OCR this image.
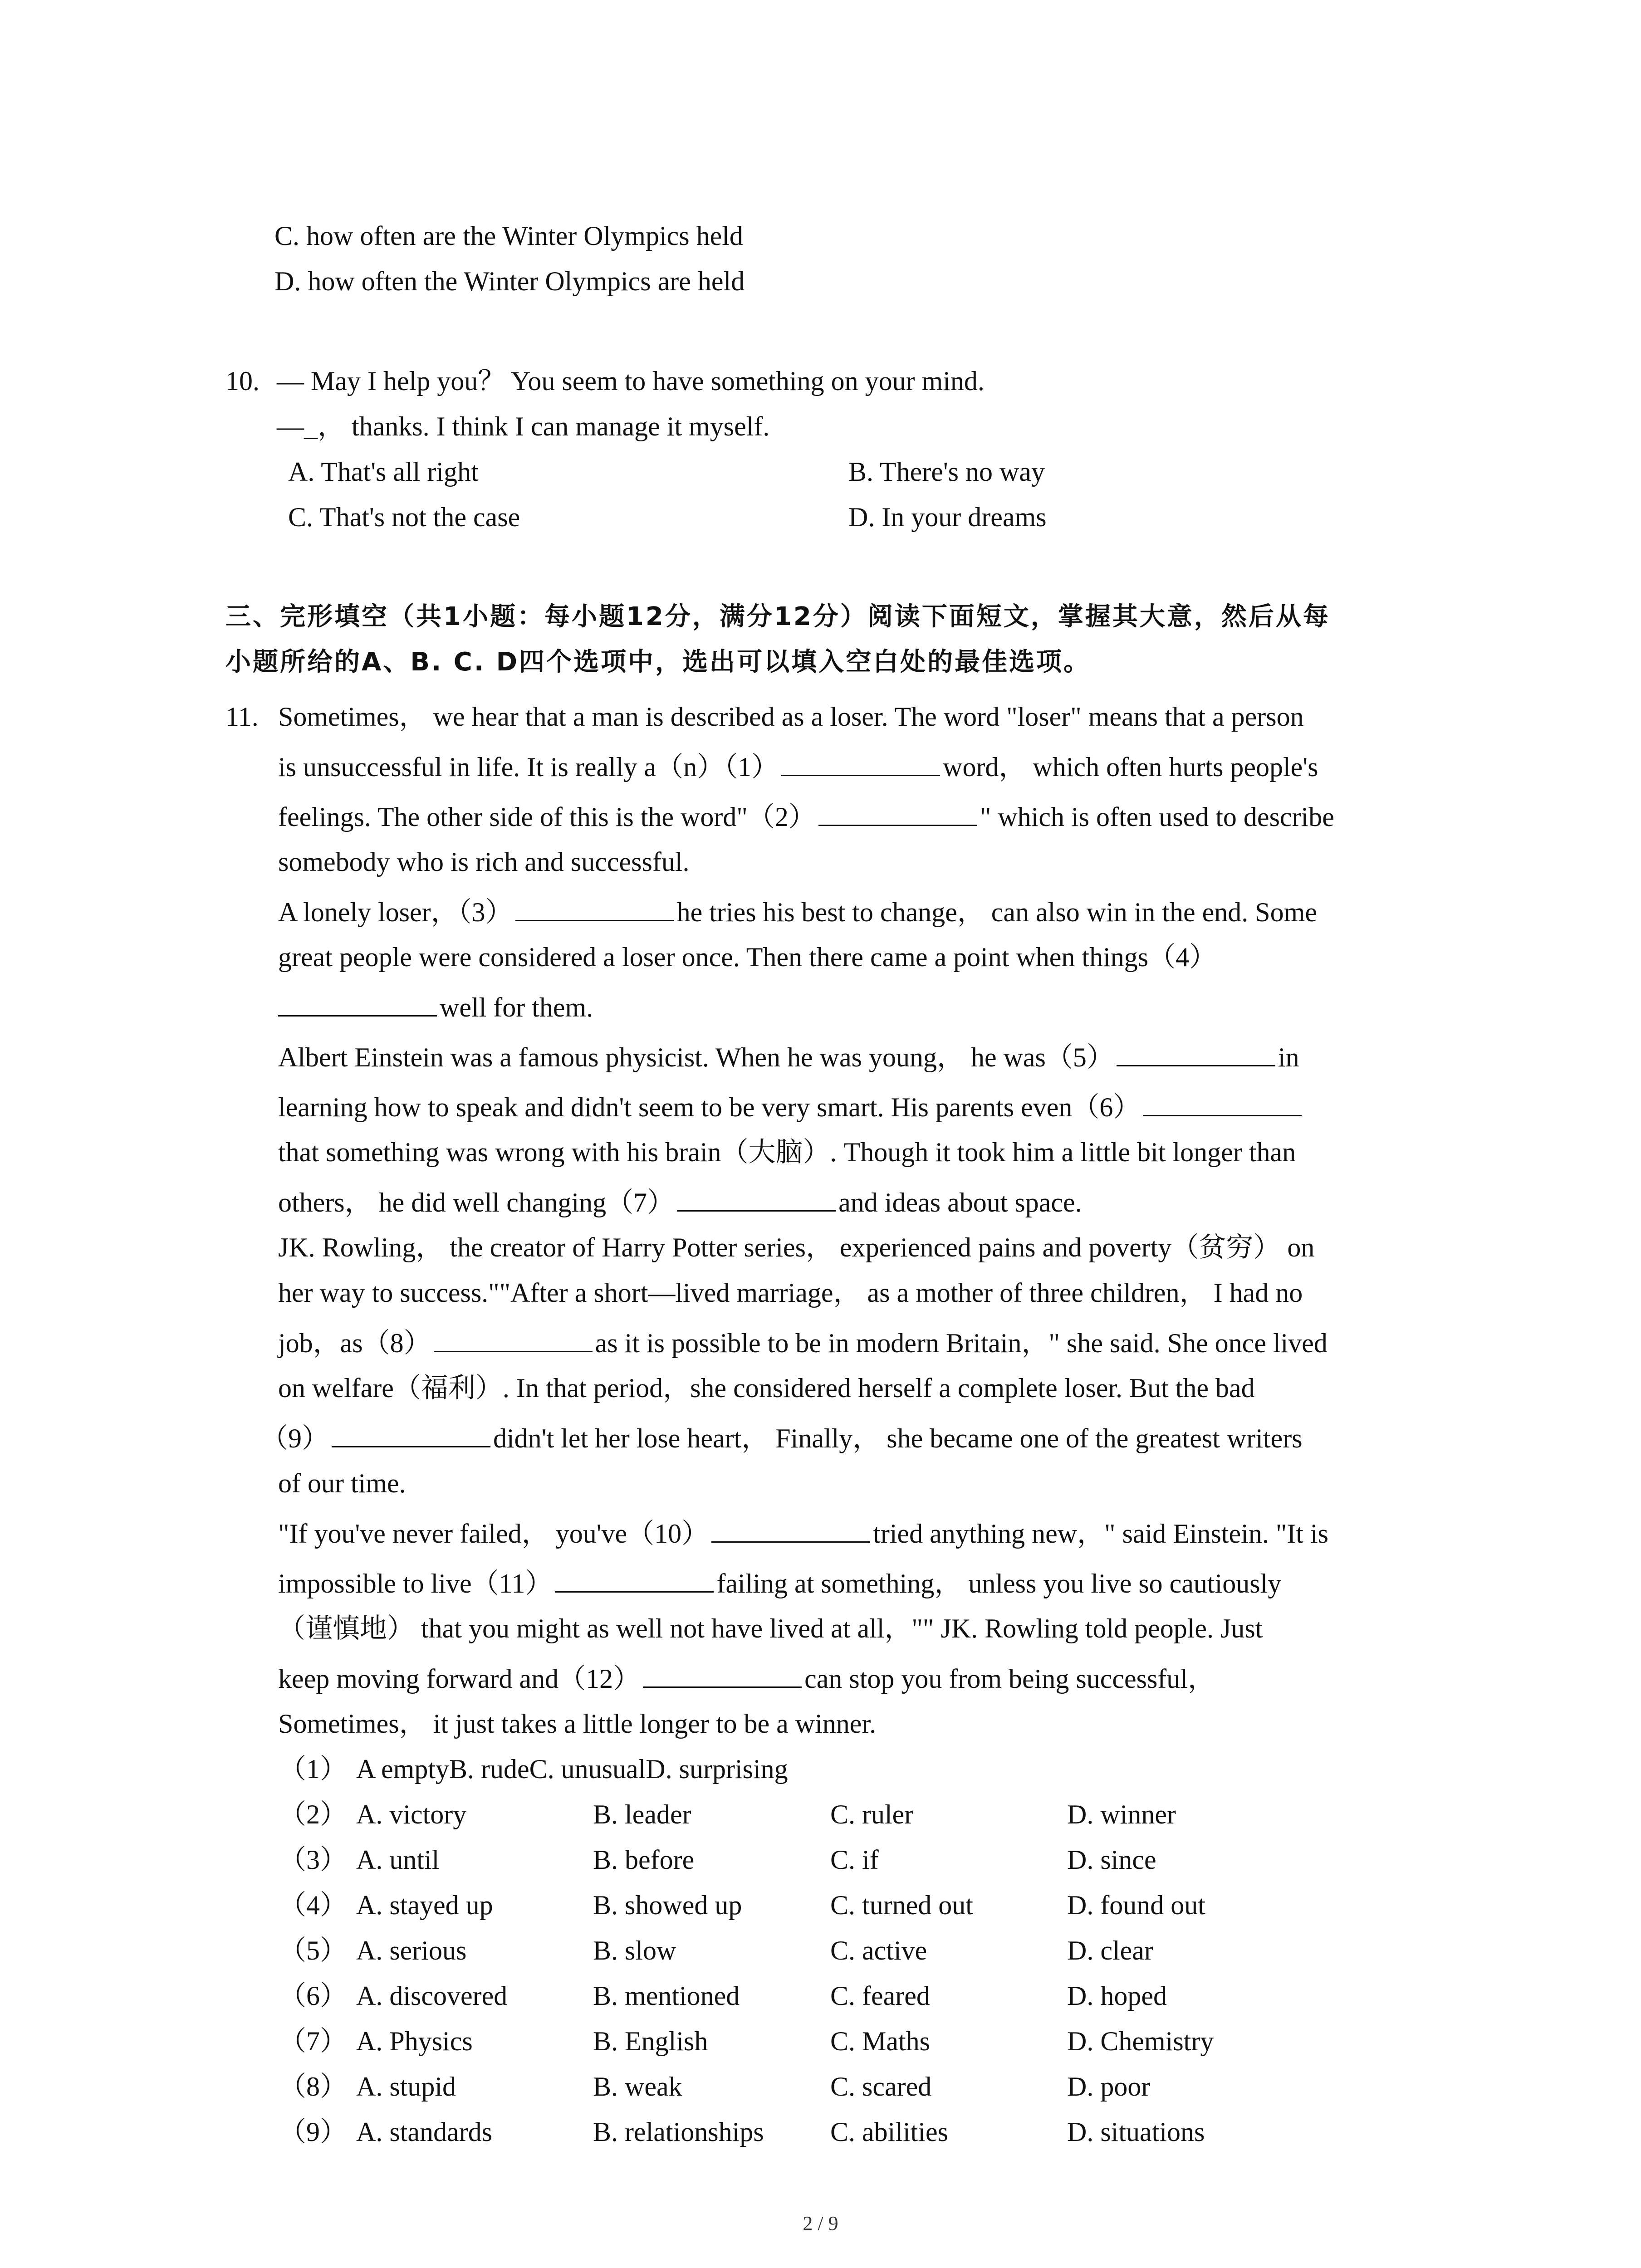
C. how often are the Winter Olympics held
D. how often the Winter Olympics are held
10. — May I help you？ You seem to have something on your mind.
—_， thanks. I think I can manage it myself.
A. That's all right	B. There's no way
C. That's not the case	D. In your dreams
三、完形填空（共1小题：每小题12分，满分12分）阅读下面短文，掌握其大意，然后从每
小题所给的A、B. C. D四个选项中，选出可以填入空白处的最佳选项。
11. Sometimes， we hear that a man is described as a loser. The word "loser" means that a person
is unsuccessful in life. It is really a（n）（1）	word， which often hurts people's
feelings. The other side of this is the word"（2）	" which is often used to describe
somebody who is rich and successful.
A lonely loser，（3）	he tries his best to change， can also win in the end. Some
great people were considered a loser once. Then there came a point when things（4）
well for them.
Albert Einstein was a famous physicist. When he was young， he was（5）	in
learning how to speak and didn't seem to be very smart. His parents even（6）
that something was wrong with his brain（大脑）. Though it took him a little bit longer than
others， he did well changing（7）	and ideas about space.
JK. Rowling， the creator of Harry Potter series， experienced pains and poverty（贫穷） on
her way to success.""After a short—lived marriage， as a mother of three children， I had no
job，as（8）	as it is possible to be in modern Britain，" she said. She once lived
on welfare（福利）. In that period，she considered herself a complete loser. But the bad
（9）	didn't let her lose heart， Finally， she became one of the greatest writers
of our time.
"If you've never failed， you've（10）	tried anything new，" said Einstein. "It is
impossible to live（11）	failing at something， unless you live so cautiously
（谨慎地） that you might as well not have lived at all，"" JK. Rowling told people. Just
keep moving forward and（12）	can stop you from being successful，
Sometimes， it just takes a little longer to be a winner.
（1） A emptyB. rudeC. unusualD. surprising
（2） A. victory	B. leader	C. ruler	D. winner
（3） A. until	B. before	C. if	D. since
（4） A. stayed up	B. showed up	C. turned out	D. found out
（5） A. serious	B. slow	C. active	D. clear
（6） A. discovered	B. mentioned	C. feared	D. hoped
（7） A. Physics	B. English	C. Maths	D. Chemistry
（8） A. stupid	B. weak	C. scared	D. poor
（9） A. standards	B. relationships C. abilities	D. situations
2 / 9
